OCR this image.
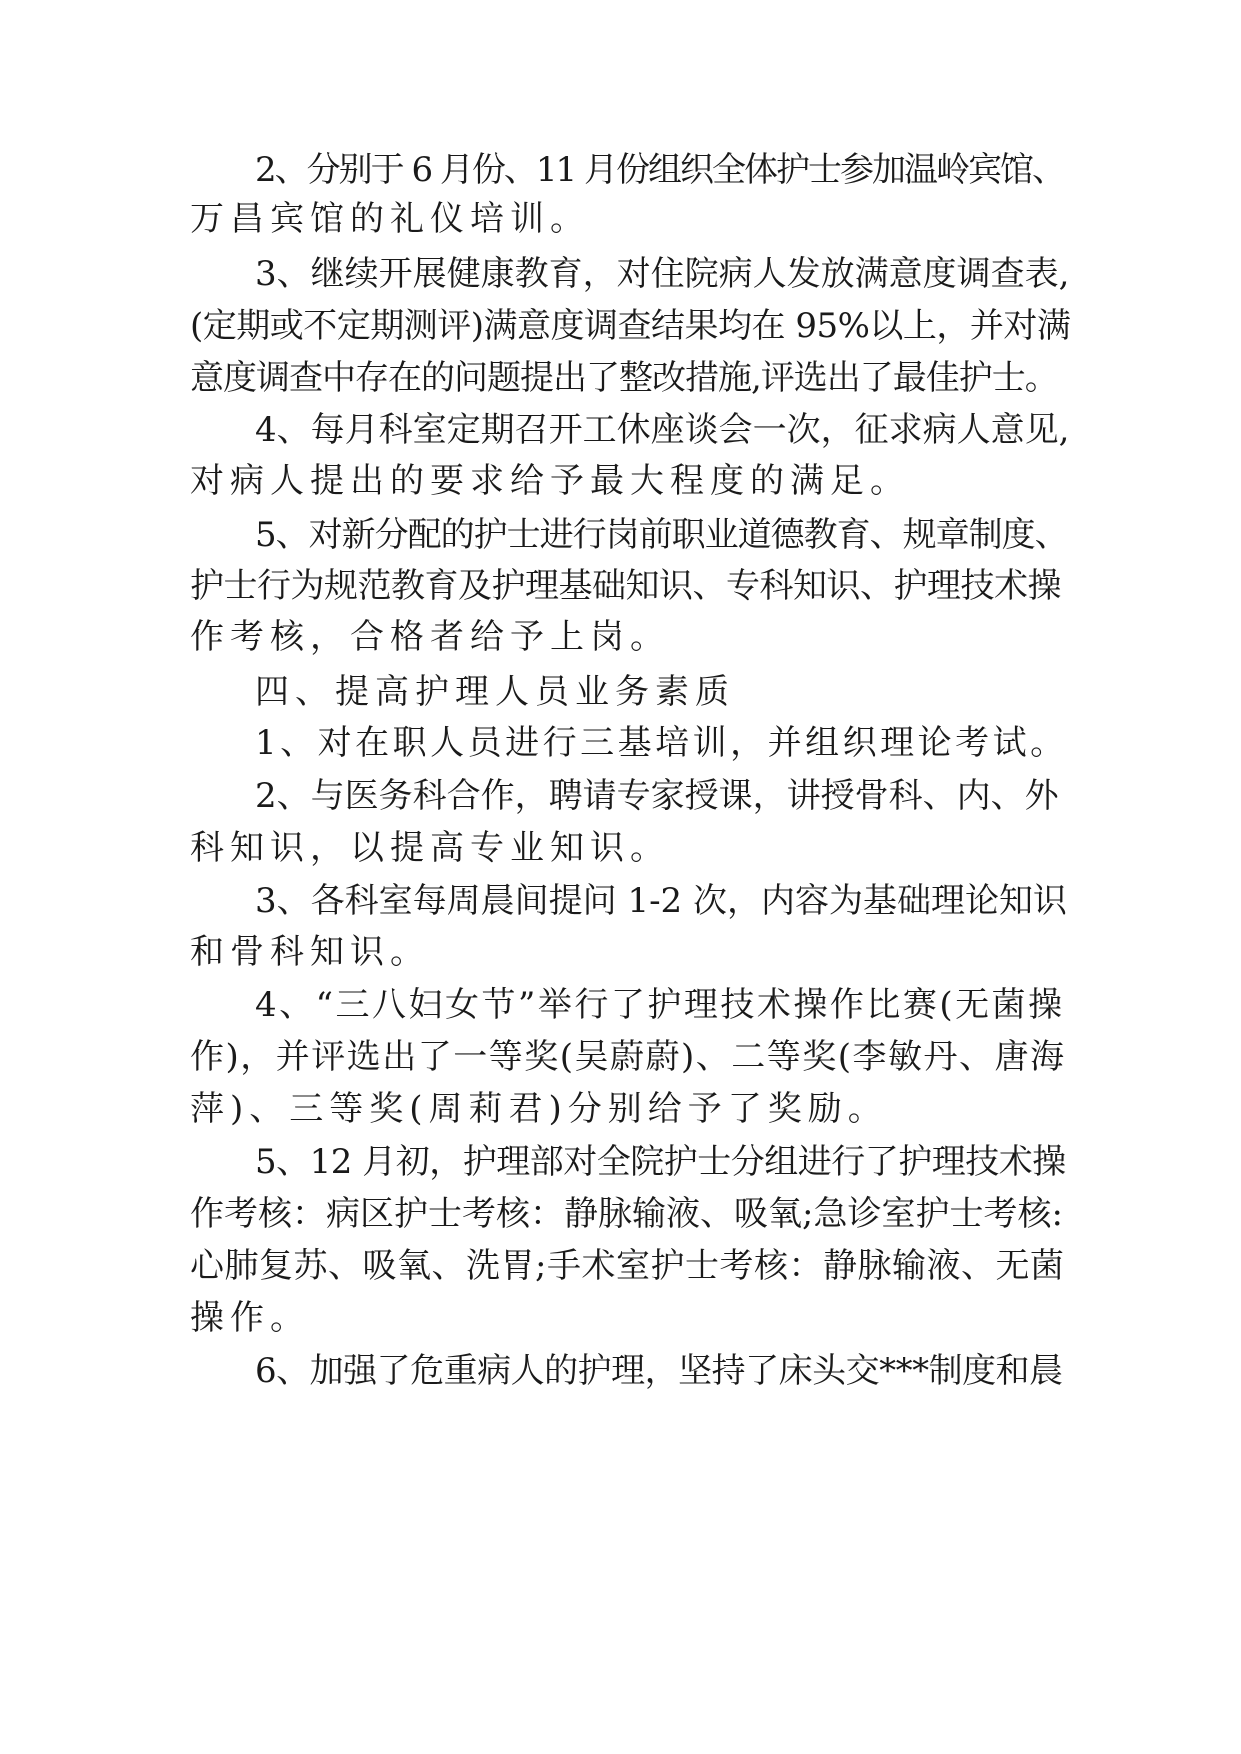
2、分别于 6 月份、11 月份组织全体护士参加温岭宾馆、
万昌宾馆的礼仪培训。
3、继续开展健康教育，对住院病人发放满意度调查表,
(定期或不定期测评)满意度调查结果均在 95%以上，并对满
意度调查中存在的问题提出了整改措施,评选出了最佳护士。
4、每月科室定期召开工休座谈会一次，征求病人意见,
对病人提出的要求给予最大程度的满足。
5、对新分配的护士进行岗前职业道德教育、规章制度、
护士行为规范教育及护理基础知识、专科知识、护理技术操
作考核，合格者给予上岗。
四、提高护理人员业务素质
1、对在职人员进行三基培训，并组织理论考试。
2、与医务科合作，聘请专家授课，讲授骨科、内、外
科知识，以提高专业知识。
3、各科室每周晨间提问 1-2 次，内容为基础理论知识
和骨科知识。
4、“三八妇女节”举行了护理技术操作比赛(无菌操
作)，并评选出了一等奖(吴蔚蔚)、二等奖(李敏丹、唐海
萍)、三等奖(周莉君)分别给予了奖励。
5、12 月初，护理部对全院护士分组进行了护理技术操
作考核：病区护士考核：静脉输液、吸氧;急诊室护士考核:
心肺复苏、吸氧、洗胃;手术室护士考核：静脉输液、无菌
操作。
6、加强了危重病人的护理，坚持了床头交***制度和晨
